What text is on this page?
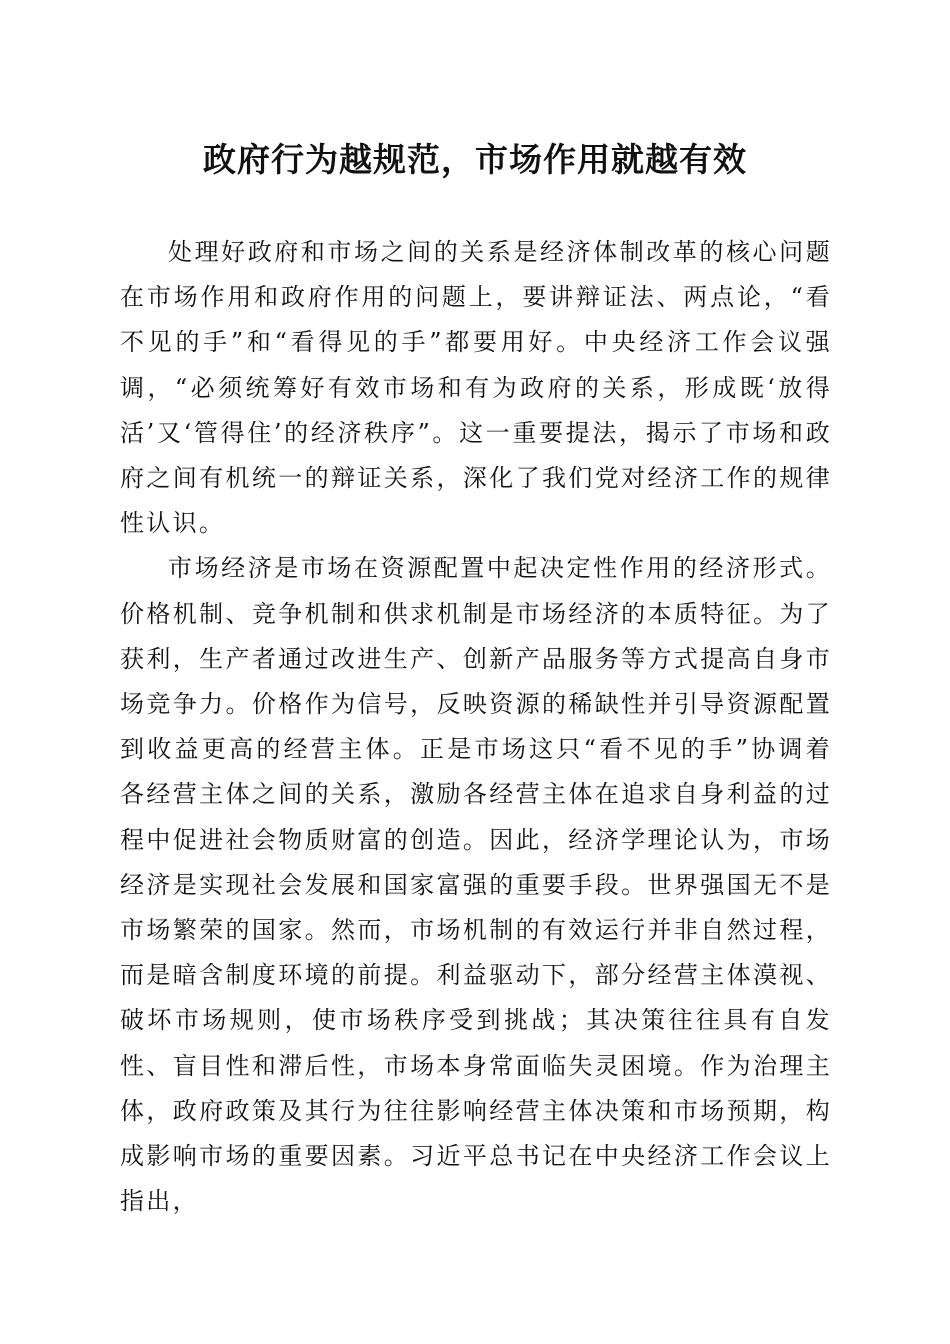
政府行为越规范，市场作用就越有效

处理好政府和市场之间的关系是经济体制改革的核心问题在市场作用和政府作用的问题上，要讲辩证法、两点论，“看不见的手”和“看得见的手”都要用好。中央经济工作会议强调，“必须统筹好有效市场和有为政府的关系，形成既‘放得活’又‘管得住’的经济秩序”。这一重要提法，揭示了市场和政府之间有机统一的辩证关系，深化了我们党对经济工作的规律性认识。

市场经济是市场在资源配置中起决定性作用的经济形式。价格机制、竞争机制和供求机制是市场经济的本质特征。为了获利，生产者通过改进生产、创新产品服务等方式提高自身市场竞争力。价格作为信号，反映资源的稀缺性并引导资源配置到收益更高的经营主体。正是市场这只“看不见的手”协调着各经营主体之间的关系，激励各经营主体在追求自身利益的过程中促进社会物质财富的创造。因此，经济学理论认为，市场经济是实现社会发展和国家富强的重要手段。世界强国无不是市场繁荣的国家。然而，市场机制的有效运行并非自然过程，而是暗含制度环境的前提。利益驱动下，部分经营主体漠视、破坏市场规则，使市场秩序受到挑战；其决策往往具有自发性、盲目性和滞后性，市场本身常面临失灵困境。作为治理主体，政府政策及其行为往往影响经营主体决策和市场预期，构成影响市场的重要因素。习近平总书记在中央经济工作会议上指出，
